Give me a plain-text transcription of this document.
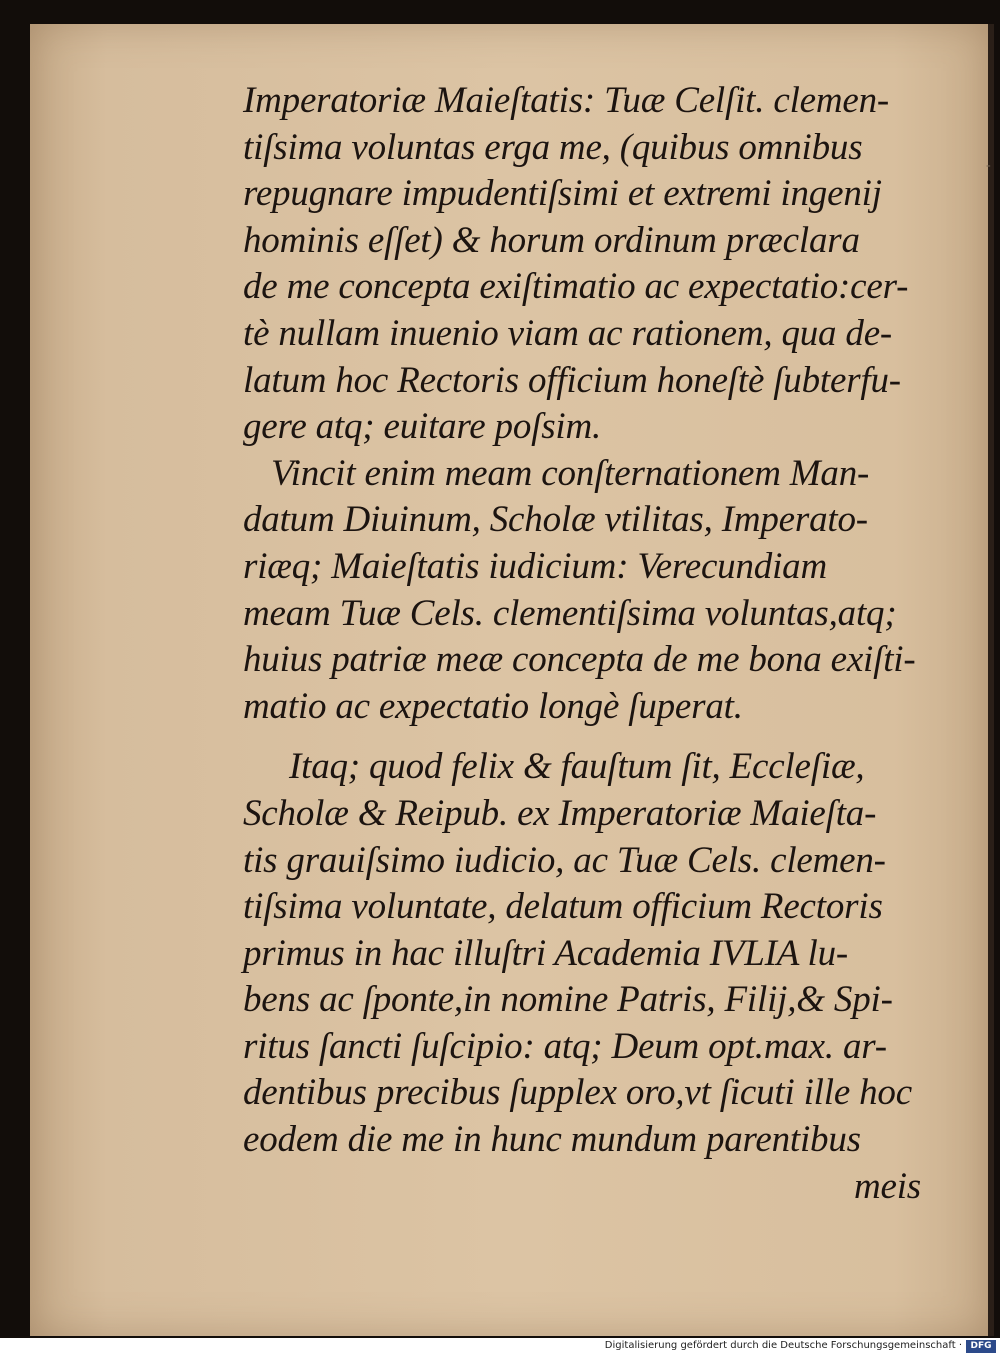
-
Imperatoriæ Maieſtatis: Tuæ Celſit. clemen-
tiſsima voluntas erga me, (quibus omnibus
repugnare impudentiſsimi et extremi ingenij
hominis eſſet) & horum ordinum præclara
de me concepta exiſtimatio ac expectatio:cer-
tè nullam inuenio viam ac rationem, qua de-
latum hoc Rectoris officium honeſtè ſubterfu-
gere atq; euitare poſsim.
Vincit enim meam conſternationem Man-
datum Diuinum, Scholæ vtilitas, Imperato-
riæq; Maieſtatis iudicium: Verecundiam
meam Tuæ Cels. clementiſsima voluntas,atq;
huius patriæ meæ concepta de me bona exiſti-
matio ac expectatio longè ſuperat.
Itaq; quod felix & fauſtum ſit, Eccleſiæ,
Scholæ & Reipub. ex Imperatoriæ Maieſta-
tis grauiſsimo iudicio, ac Tuæ Cels. clemen-
tiſsima voluntate, delatum officium Rectoris
primus in hac illuſtri Academia IVLIA lu-
bens ac ſponte,in nomine Patris, Filij,& Spi-
ritus ſancti ſuſcipio: atq; Deum opt.max. ar-
dentibus precibus ſupplex oro,vt ſicuti ille hoc
eodem die me in hunc mundum parentibus
meis
Digitalisierung gefördert durch die Deutsche Forschungsgemeinschaft · DFG
